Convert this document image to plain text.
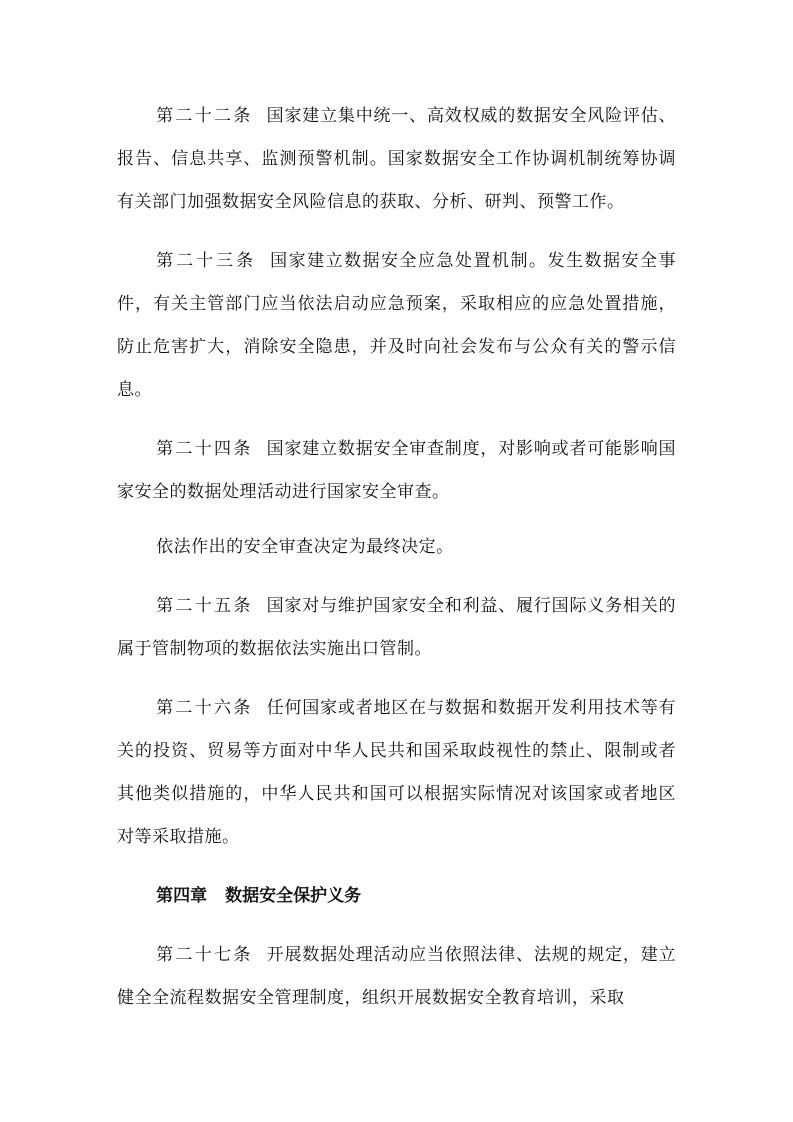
第二十二条 国家建立集中统一、高效权威的数据安全风险评估、报告、信息共享、监测预警机制。国家数据安全工作协调机制统筹协调有关部门加强数据安全风险信息的获取、分析、研判、预警工作。

第二十三条 国家建立数据安全应急处置机制。发生数据安全事件，有关主管部门应当依法启动应急预案，采取相应的应急处置措施，防止危害扩大，消除安全隐患，并及时向社会发布与公众有关的警示信息。

第二十四条 国家建立数据安全审查制度，对影响或者可能影响国家安全的数据处理活动进行国家安全审查。

依法作出的安全审查决定为最终决定。

第二十五条 国家对与维护国家安全和利益、履行国际义务相关的属于管制物项的数据依法实施出口管制。

第二十六条 任何国家或者地区在与数据和数据开发利用技术等有关的投资、贸易等方面对中华人民共和国采取歧视性的禁止、限制或者其他类似措施的，中华人民共和国可以根据实际情况对该国家或者地区对等采取措施。

第四章 数据安全保护义务

第二十七条 开展数据处理活动应当依照法律、法规的规定，建立健全全流程数据安全管理制度，组织开展数据安全教育培训，采取
